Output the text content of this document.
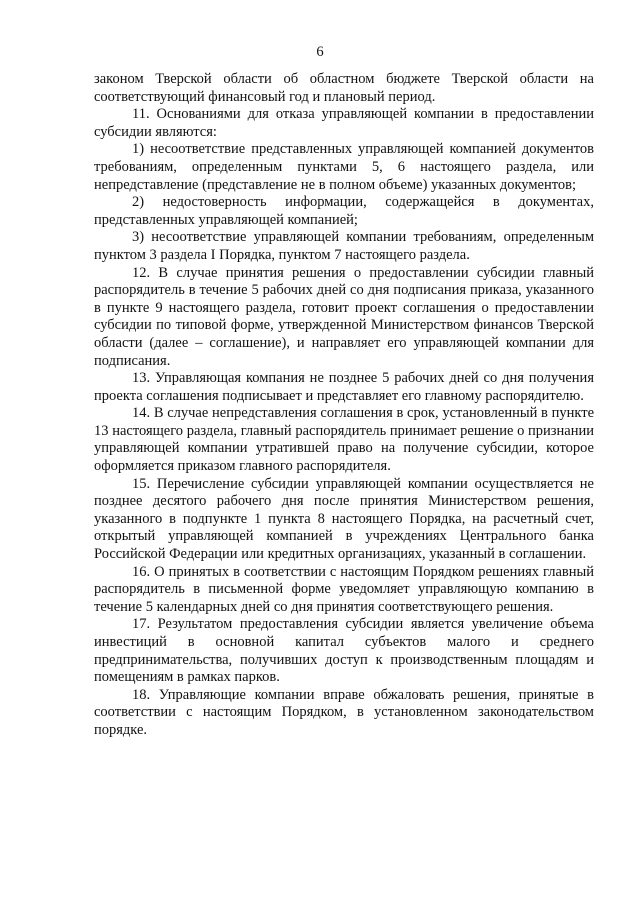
6

законом Тверской области об областном бюджете Тверской области на соответствующий финансовый год и плановый период.

11. Основаниями для отказа управляющей компании в предоставлении субсидии являются:

1) несоответствие представленных управляющей компанией документов требованиям, определенным пунктами 5, 6 настоящего раздела, или непредставление (представление не в полном объеме) указанных документов;

2) недостоверность информации, содержащейся в документах, представленных управляющей компанией;

3) несоответствие управляющей компании требованиям, определенным пунктом 3 раздела I Порядка, пунктом 7 настоящего раздела.

12. В случае принятия решения о предоставлении субсидии главный распорядитель в течение 5 рабочих дней со дня подписания приказа, указанного в пункте 9 настоящего раздела, готовит проект соглашения о предоставлении субсидии по типовой форме, утвержденной Министерством финансов Тверской области (далее – соглашение), и направляет его управляющей компании для подписания.

13. Управляющая компания не позднее 5 рабочих дней со дня получения проекта соглашения подписывает и представляет его главному распорядителю.

14. В случае непредставления соглашения в срок, установленный в пункте 13 настоящего раздела, главный распорядитель принимает решение о признании управляющей компании утратившей право на получение субсидии, которое оформляется приказом главного распорядителя.

15. Перечисление субсидии управляющей компании осуществляется не позднее десятого рабочего дня после принятия Министерством решения, указанного в подпункте 1 пункта 8 настоящего Порядка, на расчетный счет, открытый управляющей компанией в учреждениях Центрального банка Российской Федерации или кредитных организациях, указанный в соглашении.

16. О принятых в соответствии с настоящим Порядком решениях главный распорядитель в письменной форме уведомляет управляющую компанию в течение 5 календарных дней со дня принятия соответствующего решения.

17. Результатом предоставления субсидии является увеличение объема инвестиций в основной капитал субъектов малого и среднего предпринимательства, получивших доступ к производственным площадям и помещениям в рамках парков.

18. Управляющие компании вправе обжаловать решения, принятые в соответствии с настоящим Порядком, в установленном законодательством порядке.
